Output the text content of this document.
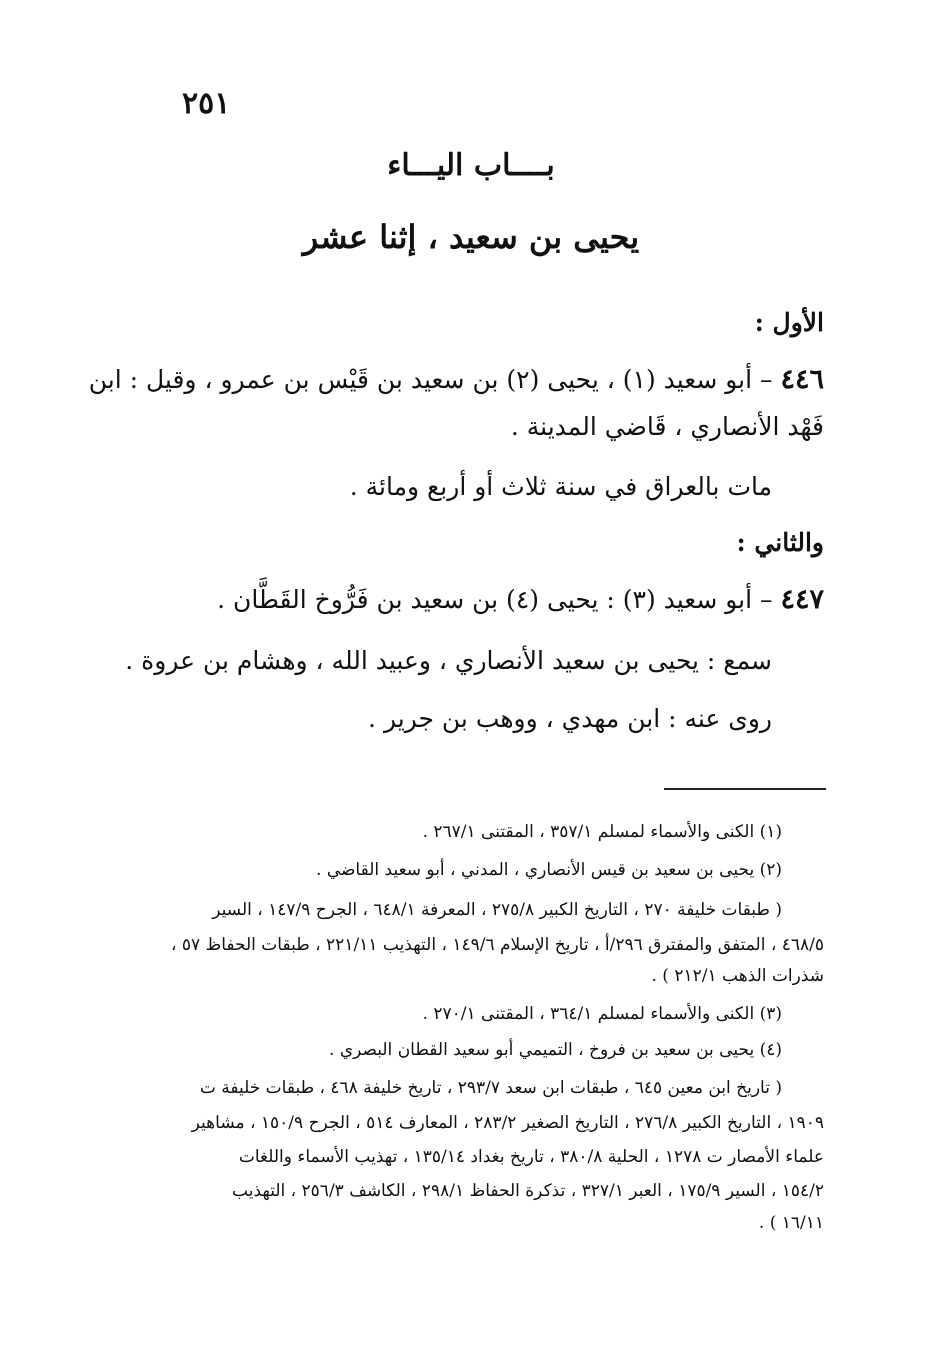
٢٥١
بــــاب اليـــاء
يحيى بن سعيد ، إثنا عشر
الأول :
٤٤٦ – أبو سعيد (١) ، يحيى (٢) بن سعيد بن قَيْس بن عمرو ، وقيل : ابن
فَهْد الأنصاري ، قَاضي المدينة .
مات بالعراق في سنة ثلاث أو أربع ومائة .
والثاني :
٤٤٧ – أبو سعيد (٣) : يحيى (٤) بن سعيد بن فَرُّوخ القَطَّان .
سمع : يحيى بن سعيد الأنصاري ، وعبيد الله ، وهشام بن عروة .
روى عنه : ابن مهدي ، ووهب بن جرير .
(١) الكنى والأسماء لمسلم ٣٥٧/١ ، المقتنى ٢٦٧/١ .
(٢) يحيى بن سعيد بن قيس الأنصاري ، المدني ، أبو سعيد القاضي .
( طبقات خليفة ٢٧٠ ، التاريخ الكبير ٢٧٥/٨ ، المعرفة ٦٤٨/١ ، الجرح ١٤٧/٩ ، السير
٤٦٨/٥ ، المتفق والمفترق ٢٩٦/أ ، تاريخ الإسلام ١٤٩/٦ ، التهذيب ٢٢١/١١ ، طبقات الحفاظ ٥٧ ،
شذرات الذهب ٢١٢/١ ) .
(٣) الكنى والأسماء لمسلم ٣٦٤/١ ، المقتنى ٢٧٠/١ .
(٤) يحيى بن سعيد بن فروخ ، التميمي أبو سعيد القطان البصري .
( تاريخ ابن معين ٦٤٥ ، طبقات ابن سعد ٢٩٣/٧ ، تاريخ خليفة ٤٦٨ ، طبقات خليفة ت
١٩٠٩ ، التاريخ الكبير ٢٧٦/٨ ، التاريخ الصغير ٢٨٣/٢ ، المعارف ٥١٤ ، الجرح ١٥٠/٩ ، مشاهير
علماء الأمصار ت ١٢٧٨ ، الحلية ٣٨٠/٨ ، تاريخ بغداد ١٣٥/١٤ ، تهذيب الأسماء واللغات
١٥٤/٢ ، السير ١٧٥/٩ ، العبر ٣٢٧/١ ، تذكرة الحفاظ ٢٩٨/١ ، الكاشف ٢٥٦/٣ ، التهذيب
١٦/١١ ) .
